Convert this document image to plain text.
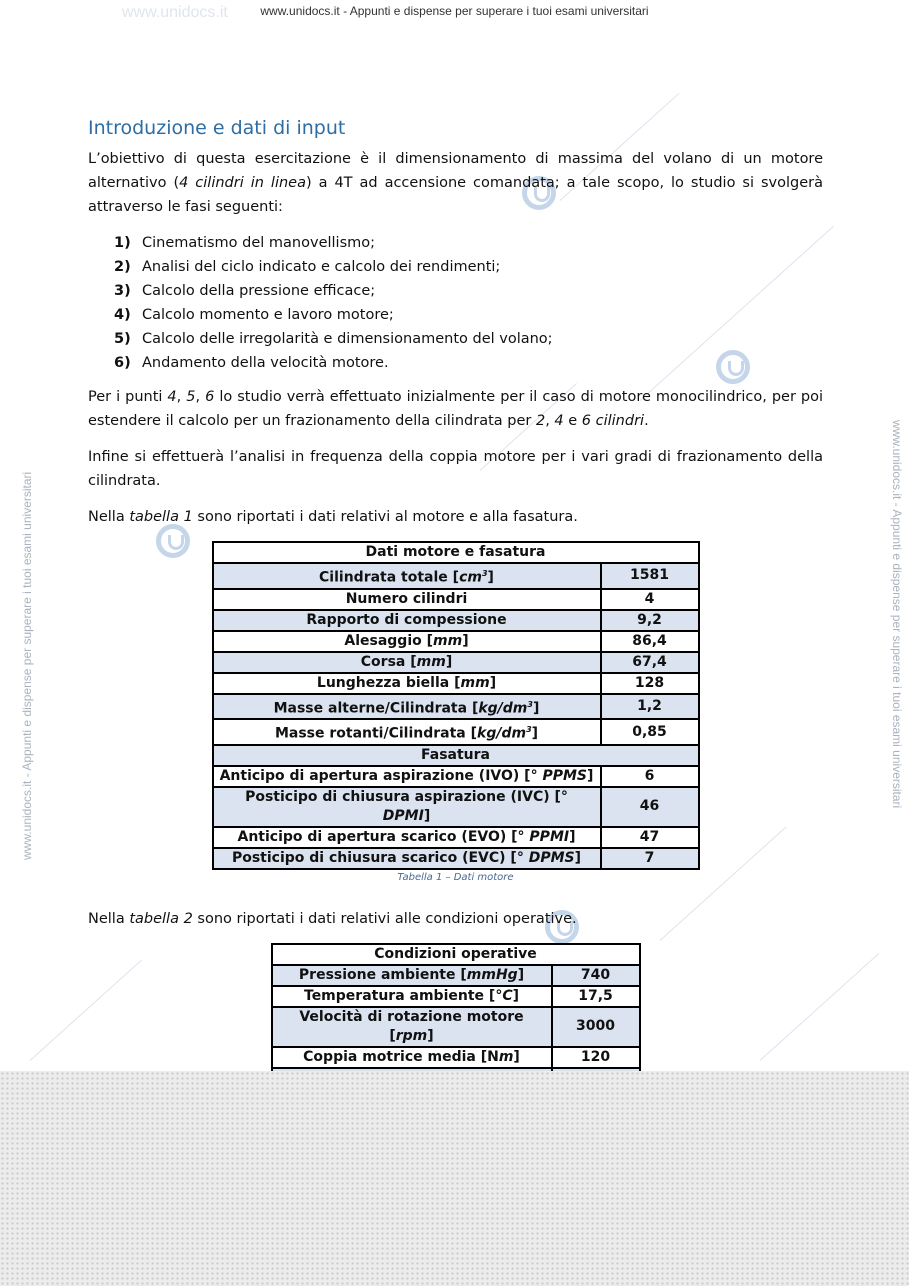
www.unidocs.it - Appunti e dispense per superare i tuoi esami universitari
www.unidocs.it - Appunti e dispense per superare i tuoi esami universitari	www.unidocs.it - Appunti e dispense per superare i tuoi esami universitari
www.unidocs.it
Introduzione e dati di input

L’obiettivo di questa esercitazione è il dimensionamento di massima del volano di un motore alternativo (4 cilindri in linea) a 4T ad accensione comandata; a tale scopo, lo studio si svolgerà attraverso le fasi seguenti:

1) Cinematismo del manovellismo;
2) Analisi del ciclo indicato e calcolo dei rendimenti;
3) Calcolo della pressione efficace;
4) Calcolo momento e lavoro motore;
5) Calcolo delle irregolarità e dimensionamento del volano;
6) Andamento della velocità motore.

Per i punti 4, 5, 6 lo studio verrà effettuato inizialmente per il caso di motore monocilindrico, per poi estendere il calcolo per un frazionamento della cilindrata per 2, 4 e 6 cilindri.

Infine si effettuerà l’analisi in frequenza della coppia motore per i vari gradi di frazionamento della cilindrata.

Nella tabella 1 sono riportati i dati relativi al motore e alla fasatura.

Dati motore e fasatura	
Cilindrata totale $[cm^3]$	1581
Numero cilindri	4
Rapporto di compessione	9,2
Alesaggio [mm]	86,4
Corsa [mm]	67,4
Lunghezza biella [mm]	128
Masse alterne/Cilindrata $[kg/dm^3]$	1,2
Masse rotanti/Cilindrata $[kg/dm^3]$	0,85
Fasatura	
Anticipo di apertura aspirazione (IVO) [° PPMS]	6
Posticipo di chiusura aspirazione (IVC) [° DPMI]	46
Anticipo di apertura scarico (EVO) [° PPMI]	47
Posticipo di chiusura scarico (EVC) [° DPMS]	7
Tabella 1 – Dati motore

Nella tabella 2 sono riportati i dati relativi alle condizioni operative.

Condizioni operative	
Pressione ambiente [mmHg]	740
Temperatura ambiente [°C]	17,5
Velocità di rotazione motore [rpm]	3000
Coppia motrice media [Nm]	120
